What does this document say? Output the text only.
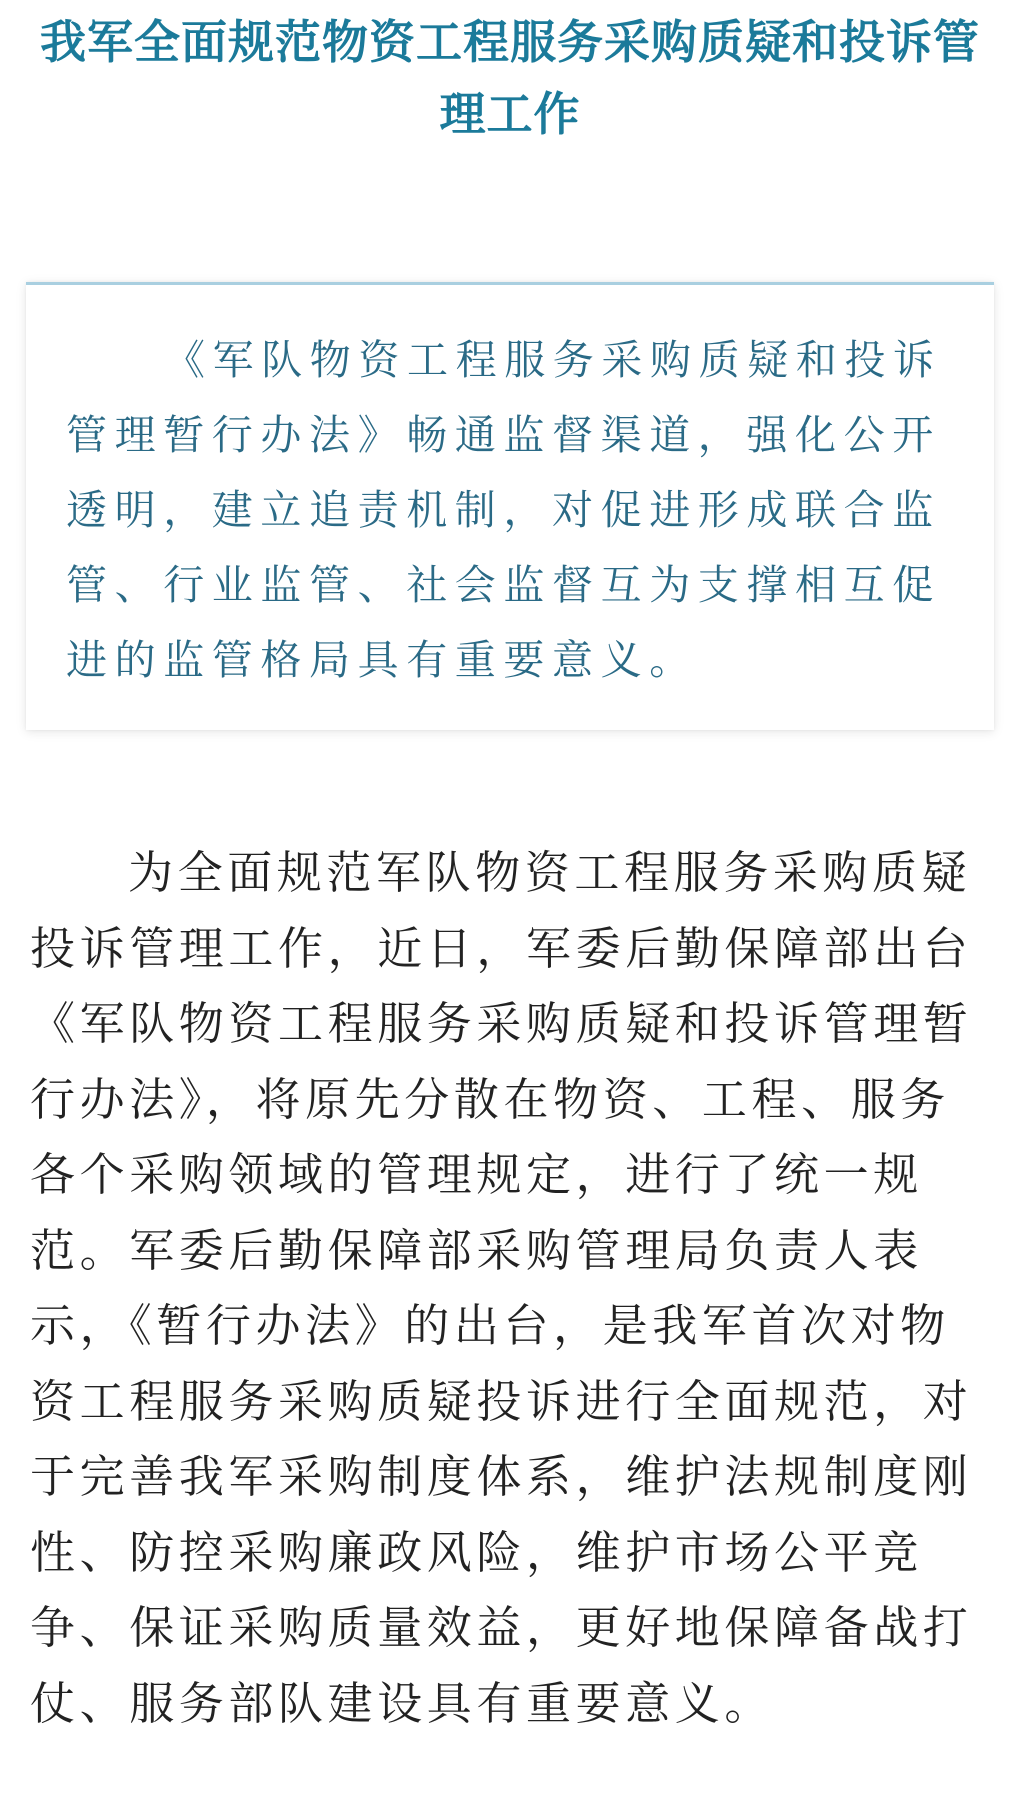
我军全面规范物资工程服务采购质疑和投诉管理工作

《军队物资工程服务采购质疑和投诉管理暂行办法》畅通监督渠道，强化公开透明，建立追责机制，对促进形成联合监管、行业监管、社会监督互为支撑相互促进的监管格局具有重要意义。

为全面规范军队物资工程服务采购质疑投诉管理工作，近日，军委后勤保障部出台《军队物资工程服务采购质疑和投诉管理暂行办法》，将原先分散在物资、工程、服务各个采购领域的管理规定，进行了统一规范。军委后勤保障部采购管理局负责人表示，《暂行办法》的出台，是我军首次对物资工程服务采购质疑投诉进行全面规范，对于完善我军采购制度体系，维护法规制度刚性、防控采购廉政风险，维护市场公平竞争、保证采购质量效益，更好地保障备战打仗、服务部队建设具有重要意义。
